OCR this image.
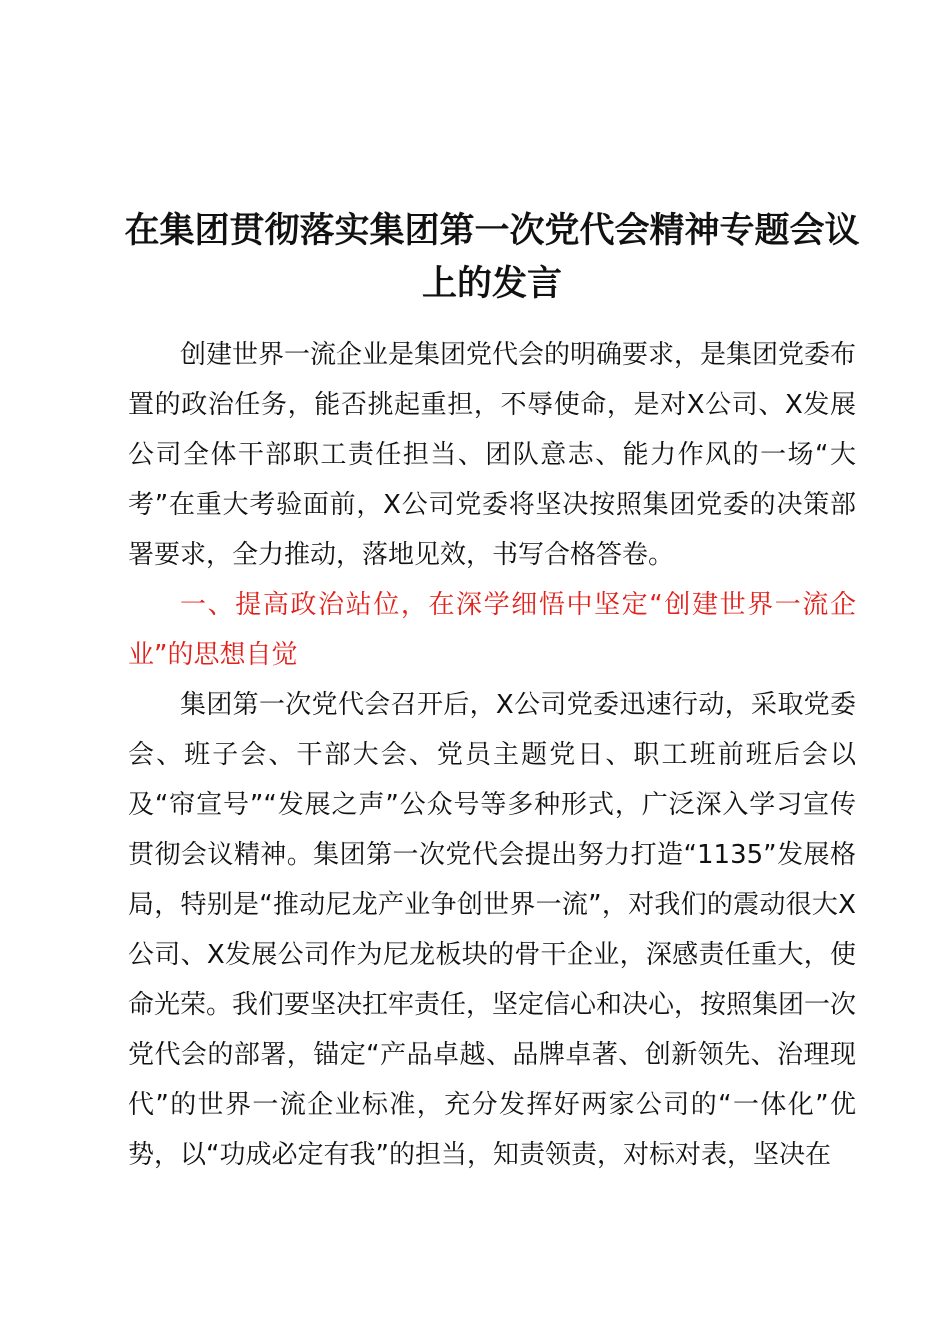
在集团贯彻落实集团第一次党代会精神专题会议上的发言

创建世界一流企业是集团党代会的明确要求，是集团党委布置的政治任务，能否挑起重担，不辱使命，是对X公司、X发展公司全体干部职工责任担当、团队意志、能力作风的一场“大考”在重大考验面前，X公司党委将坚决按照集团党委的决策部署要求，全力推动，落地见效，书写合格答卷。

一、提高政治站位，在深学细悟中坚定“创建世界一流企业”的思想自觉

集团第一次党代会召开后，X公司党委迅速行动，采取党委会、班子会、干部大会、党员主题党日、职工班前班后会以及“帘宣号”“发展之声”公众号等多种形式，广泛深入学习宣传贯彻会议精神。集团第一次党代会提出努力打造“1135”发展格局，特别是“推动尼龙产业争创世界一流”，对我们的震动很大X公司、X发展公司作为尼龙板块的骨干企业，深感责任重大，使命光荣。我们要坚决扛牢责任，坚定信心和决心，按照集团一次党代会的部署，锚定“产品卓越、品牌卓著、创新领先、治理现代”的世界一流企业标准，充分发挥好两家公司的“一体化”优势，以“功成必定有我”的担当，知责领责，对标对表，坚决在
